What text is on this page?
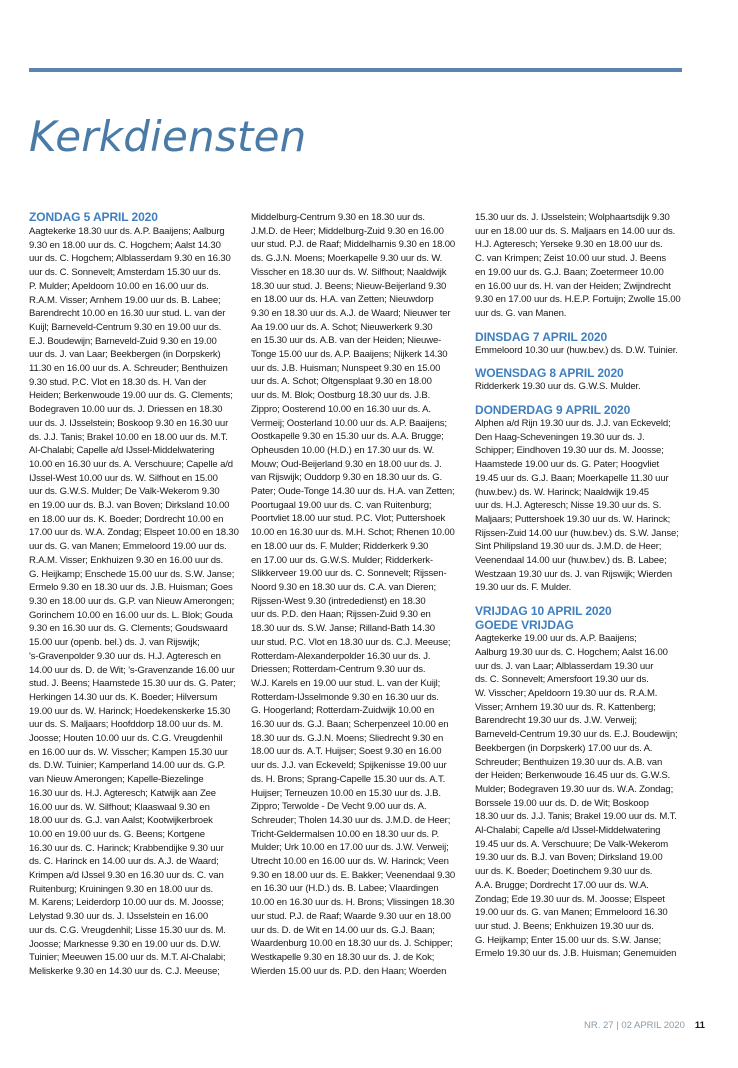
Kerkdiensten
ZONDAG 5 APRIL 2020

Aagtekerke 18.30 uur ds. A.P. Baaijens; Aalburg
9.30 en 18.00 uur ds. C. Hogchem; Aalst 14.30
uur ds. C. Hogchem; Alblasserdam 9.30 en 16.30
uur ds. C. Sonnevelt; Amsterdam 15.30 uur ds.
P. Mulder; Apeldoorn 10.00 en 16.00 uur ds.
R.A.M. Visser; Arnhem 19.00 uur ds. B. Labee;
Barendrecht 10.00 en 16.30 uur stud. L. van der
Kuijl; Barneveld-Centrum 9.30 en 19.00 uur ds.
E.J. Boudewijn; Barneveld-Zuid 9.30 en 19.00
uur ds. J. van Laar; Beekbergen (in Dorpskerk)
11.30 en 16.00 uur ds. A. Schreuder; Benthuizen
9.30 stud. P.C. Vlot en 18.30 ds. H. Van der
Heiden; Berkenwoude 19.00 uur ds. G. Clements;
Bodegraven 10.00 uur ds. J. Driessen en 18.30
uur ds. J. IJsselstein; Boskoop 9.30 en 16.30 uur
ds. J.J. Tanis; Brakel 10.00 en 18.00 uur ds. M.T.
Al-Chalabi; Capelle a/d IJssel-Middelwatering
10.00 en 16.30 uur ds. A. Verschuure; Capelle a/d
IJssel-West 10.00 uur ds. W. Silfhout en 15.00
uur ds. G.W.S. Mulder; De Valk-Wekerom 9.30
en 19.00 uur ds. B.J. van Boven; Dirksland 10.00
en 18.00 uur ds. K. Boeder; Dordrecht 10.00 en
17.00 uur ds. W.A. Zondag; Elspeet 10.00 en 18.30
uur ds. G. van Manen; Emmeloord 19.00 uur ds.
R.A.M. Visser; Enkhuizen 9.30 en 16.00 uur ds.
G. Heijkamp; Enschede 15.00 uur ds. S.W. Janse;
Ermelo 9.30 en 18.30 uur ds. J.B. Huisman; Goes
9.30 en 18.00 uur ds. G.P. van Nieuw Amerongen;
Gorinchem 10.00 en 16.00 uur ds. L. Blok; Gouda
9.30 en 16.30 uur ds. G. Clements; Goudswaard
15.00 uur (openb. bel.) ds. J. van Rijswijk;
's-Gravenpolder 9.30 uur ds. H.J. Agteresch en
14.00 uur ds. D. de Wit; 's-Gravenzande 16.00 uur
stud. J. Beens; Haamstede 15.30 uur ds. G. Pater;
Herkingen 14.30 uur ds. K. Boeder; Hilversum
19.00 uur ds. W. Harinck; Hoedekenskerke 15.30
uur ds. S. Maljaars; Hoofddorp 18.00 uur ds. M.
Joosse; Houten 10.00 uur ds. C.G. Vreugdenhil
en 16.00 uur ds. W. Visscher; Kampen 15.30 uur
ds. D.W. Tuinier; Kamperland 14.00 uur ds. G.P.
van Nieuw Amerongen; Kapelle-Biezelinge
16.30 uur ds. H.J. Agteresch; Katwijk aan Zee
16.00 uur ds. W. Silfhout; Klaaswaal 9.30 en
18.00 uur ds. G.J. van Aalst; Kootwijkerbroek
10.00 en 19.00 uur ds. G. Beens; Kortgene
16.30 uur ds. C. Harinck; Krabbendijke 9.30 uur
ds. C. Harinck en 14.00 uur ds. A.J. de Waard;
Krimpen a/d IJssel 9.30 en 16.30 uur ds. C. van
Ruitenburg; Kruiningen 9.30 en 18.00 uur ds.
M. Karens; Leiderdorp 10.00 uur ds. M. Joosse;
Lelystad 9.30 uur ds. J. IJsselstein en 16.00
uur ds. C.G. Vreugdenhil; Lisse 15.30 uur ds. M.
Joosse; Marknesse 9.30 en 19.00 uur ds. D.W.
Tuinier; Meeuwen 15.00 uur ds. M.T. Al-Chalabi;
Meliskerke 9.30 en 14.30 uur ds. C.J. Meeuse;

Middelburg-Centrum 9.30 en 18.30 uur ds.
J.M.D. de Heer; Middelburg-Zuid 9.30 en 16.00
uur stud. P.J. de Raaf; Middelharnis 9.30 en 18.00
ds. G.J.N. Moens; Moerkapelle 9.30 uur ds. W.
Visscher en 18.30 uur ds. W. Silfhout; Naaldwijk
18.30 uur stud. J. Beens; Nieuw-Beijerland 9.30
en 18.00 uur ds. H.A. van Zetten; Nieuwdorp
9.30 en 18.30 uur ds. A.J. de Waard; Nieuwer ter
Aa 19.00 uur ds. A. Schot; Nieuwerkerk 9.30
en 15.30 uur ds. A.B. van der Heiden; Nieuwe-
Tonge 15.00 uur ds. A.P. Baaijens; Nijkerk 14.30
uur ds. J.B. Huisman; Nunspeet 9.30 en 15.00
uur ds. A. Schot; Oltgensplaat 9.30 en 18.00
uur ds. M. Blok; Oostburg 18.30 uur ds. J.B.
Zippro; Oosterend 10.00 en 16.30 uur ds. A.
Vermeij; Oosterland 10.00 uur ds. A.P. Baaijens;
Oostkapelle 9.30 en 15.30 uur ds. A.A. Brugge;
Opheusden 10.00 (H.D.) en 17.30 uur ds. W.
Mouw; Oud-Beijerland 9.30 en 18.00 uur ds. J.
van Rijswijk; Ouddorp 9.30 en 18.30 uur ds. G.
Pater; Oude-Tonge 14.30 uur ds. H.A. van Zetten;
Poortugaal 19.00 uur ds. C. van Ruitenburg;
Poortvliet 18.00 uur stud. P.C. Vlot; Puttershoek
10.00 en 16.30 uur ds. M.H. Schot; Rhenen 10.00
en 18.00 uur ds. F. Mulder; Ridderkerk 9.30
en 17.00 uur ds. G.W.S. Mulder; Ridderkerk-
Slikkerveer 19.00 uur ds. C. Sonnevelt; Rijssen-
Noord 9.30 en 18.30 uur ds. C.A. van Dieren;
Rijssen-West 9.30 (intrededienst) en 18.30
uur ds. P.D. den Haan; Rijssen-Zuid 9.30 en
18.30 uur ds. S.W. Janse; Rilland-Bath 14.30
uur stud. P.C. Vlot en 18.30 uur ds. C.J. Meeuse;
Rotterdam-Alexanderpolder 16.30 uur ds. J.
Driessen; Rotterdam-Centrum 9.30 uur ds.
W.J. Karels en 19.00 uur stud. L. van der Kuijl;
Rotterdam-IJsselmonde 9.30 en 16.30 uur ds.
G. Hoogerland; Rotterdam-Zuidwijk 10.00 en
16.30 uur ds. G.J. Baan; Scherpenzeel 10.00 en
18.30 uur ds. G.J.N. Moens; Sliedrecht 9.30 en
18.00 uur ds. A.T. Huijser; Soest 9.30 en 16.00
uur ds. J.J. van Eckeveld; Spijkenisse 19.00 uur
ds. H. Brons; Sprang-Capelle 15.30 uur ds. A.T.
Huijser; Terneuzen 10.00 en 15.30 uur ds. J.B.
Zippro; Terwolde - De Vecht 9.00 uur ds. A.
Schreuder; Tholen 14.30 uur ds. J.M.D. de Heer;
Tricht-Geldermalsen 10.00 en 18.30 uur ds. P.
Mulder; Urk 10.00 en 17.00 uur ds. J.W. Verweij;
Utrecht 10.00 en 16.00 uur ds. W. Harinck; Veen
9.30 en 18.00 uur ds. E. Bakker; Veenendaal 9.30
en 16.30 uur (H.D.) ds. B. Labee; Vlaardingen
10.00 en 16.30 uur ds. H. Brons; Vlissingen 18.30
uur stud. P.J. de Raaf; Waarde 9.30 uur en 18.00
uur ds. D. de Wit en 14.00 uur ds. G.J. Baan;
Waardenburg 10.00 en 18.30 uur ds. J. Schipper;
Westkapelle 9.30 en 18.30 uur ds. J. de Kok;
Wierden 15.00 uur ds. P.D. den Haan; Woerden

15.30 uur ds. J. IJsselstein; Wolphaartsdijk 9.30
uur en 18.00 uur ds. S. Maljaars en 14.00 uur ds.
H.J. Agteresch; Yerseke 9.30 en 18.00 uur ds.
C. van Krimpen; Zeist 10.00 uur stud. J. Beens
en 19.00 uur ds. G.J. Baan; Zoetermeer 10.00
en 16.00 uur ds. H. van der Heiden; Zwijndrecht
9.30 en 17.00 uur ds. H.E.P. Fortuijn; Zwolle 15.00
uur ds. G. van Manen.

DINSDAG 7 APRIL 2020

Emmeloord 10.30 uur (huw.bev.) ds. D.W. Tuinier.

WOENSDAG 8 APRIL 2020

Ridderkerk 19.30 uur ds. G.W.S. Mulder.

DONDERDAG 9 APRIL 2020

Alphen a/d Rijn 19.30 uur ds. J.J. van Eckeveld;
Den Haag-Scheveningen 19.30 uur ds. J.
Schipper; Eindhoven 19.30 uur ds. M. Joosse;
Haamstede 19.00 uur ds. G. Pater; Hoogvliet
19.45 uur ds. G.J. Baan; Moerkapelle 11.30 uur
(huw.bev.) ds. W. Harinck; Naaldwijk 19.45
uur ds. H.J. Agteresch; Nisse 19.30 uur ds. S.
Maljaars; Puttershoek 19.30 uur ds. W. Harinck;
Rijssen-Zuid 14.00 uur (huw.bev.) ds. S.W. Janse;
Sint Philipsland 19.30 uur ds. J.M.D. de Heer;
Veenendaal 14.00 uur (huw.bev.) ds. B. Labee;
Westzaan 19.30 uur ds. J. van Rijswijk; Wierden
19.30 uur ds. F. Mulder.

VRIJDAG 10 APRIL 2020
GOEDE VRIJDAG

Aagtekerke 19.00 uur ds. A.P. Baaijens;
Aalburg 19.30 uur ds. C. Hogchem; Aalst 16.00
uur ds. J. van Laar; Alblasserdam 19.30 uur
ds. C. Sonnevelt; Amersfoort 19.30 uur ds.
W. Visscher; Apeldoorn 19.30 uur ds. R.A.M.
Visser; Arnhem 19.30 uur ds. R. Kattenberg;
Barendrecht 19.30 uur ds. J.W. Verweij;
Barneveld-Centrum 19.30 uur ds. E.J. Boudewijn;
Beekbergen (in Dorpskerk) 17.00 uur ds. A.
Schreuder; Benthuizen 19.30 uur ds. A.B. van
der Heiden; Berkenwoude 16.45 uur ds. G.W.S.
Mulder; Bodegraven 19.30 uur ds. W.A. Zondag;
Borssele 19.00 uur ds. D. de Wit; Boskoop
18.30 uur ds. J.J. Tanis; Brakel 19.00 uur ds. M.T.
Al-Chalabi; Capelle a/d IJssel-Middelwatering
19.45 uur ds. A. Verschuure; De Valk-Wekerom
19.30 uur ds. B.J. van Boven; Dirksland 19.00
uur ds. K. Boeder; Doetinchem 9.30 uur ds.
A.A. Brugge; Dordrecht 17.00 uur ds. W.A.
Zondag; Ede 19.30 uur ds. M. Joosse; Elspeet
19.00 uur ds. G. van Manen; Emmeloord 16.30
uur stud. J. Beens; Enkhuizen 19.30 uur ds.
G. Heijkamp; Enter 15.00 uur ds. S.W. Janse;
Ermelo 19.30 uur ds. J.B. Huisman; Genemuiden

NR. 27 | 02 APRIL 2020 11
